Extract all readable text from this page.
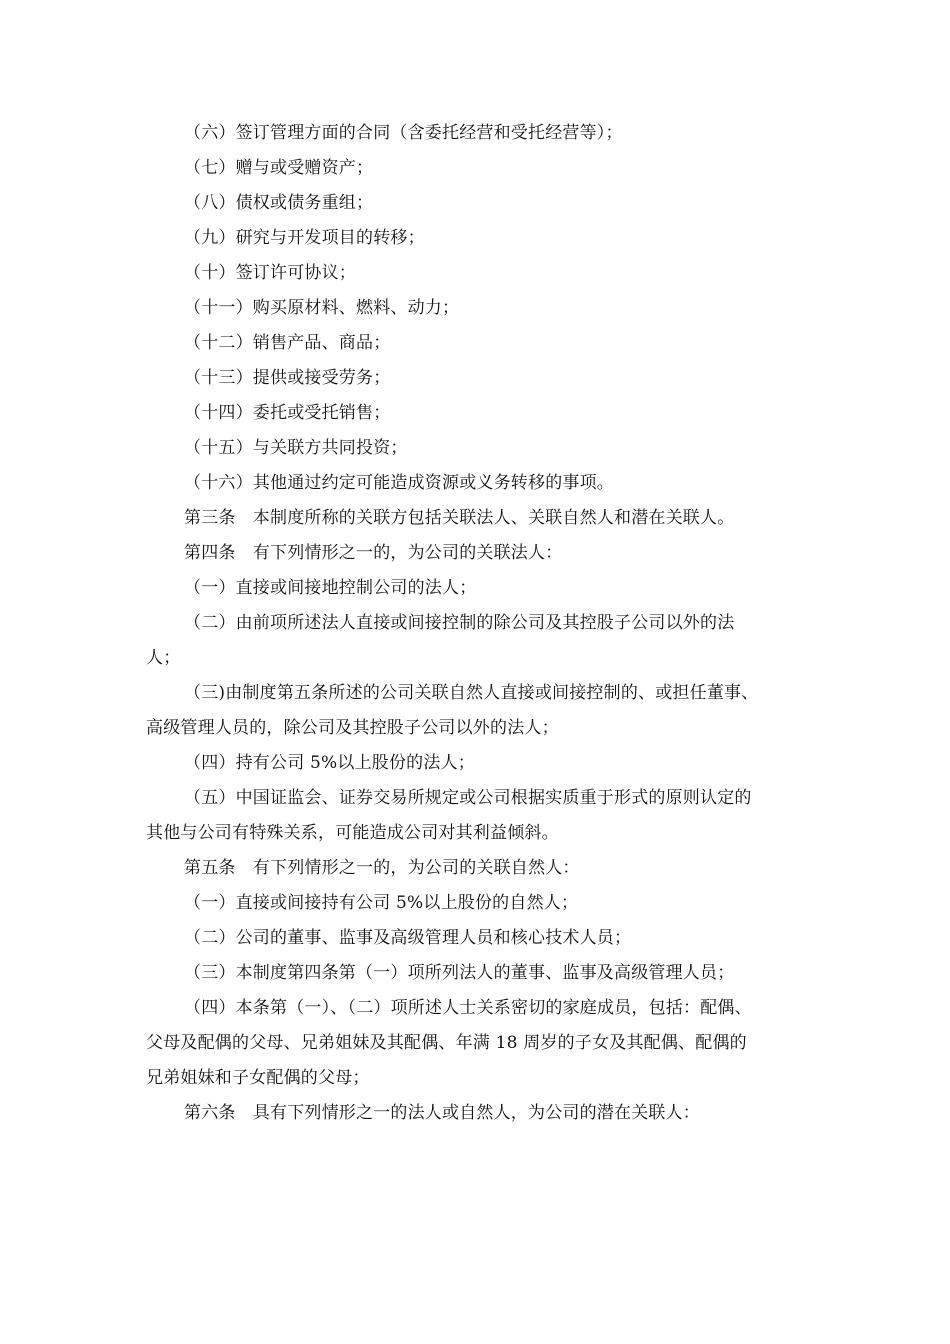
（六）签订管理方面的合同（含委托经营和受托经营等）；
（七）赠与或受赠资产；
（八）债权或债务重组；
（九）研究与开发项目的转移；
（十）签订许可协议；
（十一）购买原材料、燃料、动力；
（十二）销售产品、商品；
（十三）提供或接受劳务；
（十四）委托或受托销售；
（十五）与关联方共同投资；
（十六）其他通过约定可能造成资源或义务转移的事项。
第三条　本制度所称的关联方包括关联法人、关联自然人和潜在关联人。
第四条　有下列情形之一的，为公司的关联法人：
（一）直接或间接地控制公司的法人；
（二）由前项所述法人直接或间接控制的除公司及其控股子公司以外的法
人；
（三)由制度第五条所述的公司关联自然人直接或间接控制的、或担任董事、
高级管理人员的，除公司及其控股子公司以外的法人；
（四）持有公司 5%以上股份的法人；
（五）中国证监会、证券交易所规定或公司根据实质重于形式的原则认定的
其他与公司有特殊关系，可能造成公司对其利益倾斜。
第五条　有下列情形之一的，为公司的关联自然人：
（一）直接或间接持有公司 5%以上股份的自然人；
（二）公司的董事、监事及高级管理人员和核心技术人员；
（三）本制度第四条第（一）项所列法人的董事、监事及高级管理人员；
（四）本条第（一）、（二）项所述人士关系密切的家庭成员，包括：配偶、
父母及配偶的父母、兄弟姐妹及其配偶、年满 18 周岁的子女及其配偶、配偶的
兄弟姐妹和子女配偶的父母；
第六条　具有下列情形之一的法人或自然人，为公司的潜在关联人：
